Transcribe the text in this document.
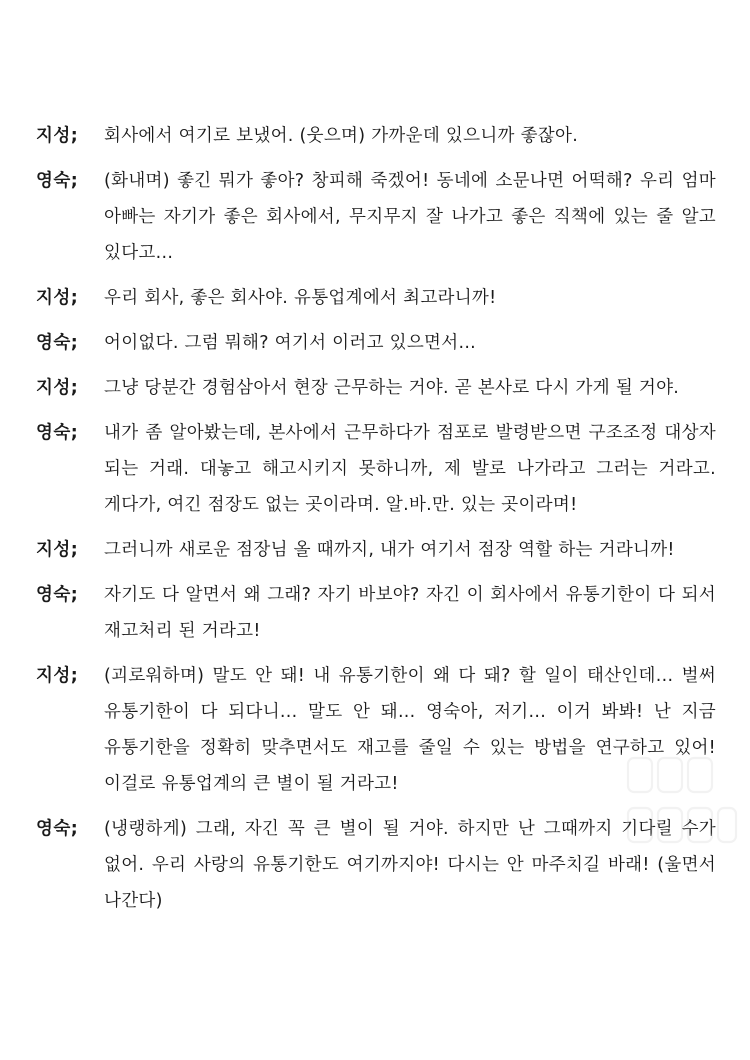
지성;	회사에서 여기로 보냈어. (웃으며) 가까운데 있으니까 좋잖아.
영숙;	(화내며) 좋긴 뭐가 좋아? 창피해 죽겠어! 동네에 소문나면 어떡해? 우리 엄마 아빠는 자기가 좋은 회사에서, 무지무지 잘 나가고 좋은 직책에 있는 줄 알고 있다고...
지성;	우리 회사, 좋은 회사야. 유통업계에서 최고라니까!
영숙;	어이없다. 그럼 뭐해? 여기서 이러고 있으면서...
지성;	그냥 당분간 경험삼아서 현장 근무하는 거야. 곧 본사로 다시 가게 될 거야.
영숙;	내가 좀 알아봤는데, 본사에서 근무하다가 점포로 발령받으면 구조조정 대상자 되는 거래. 대놓고 해고시키지 못하니까, 제 발로 나가라고 그러는 거라고. 게다가, 여긴 점장도 없는 곳이라며. 알.바.만. 있는 곳이라며!
지성;	그러니까 새로운 점장님 올 때까지, 내가 여기서 점장 역할 하는 거라니까!
영숙;	자기도 다 알면서 왜 그래? 자기 바보야? 자긴 이 회사에서 유통기한이 다 되서 재고처리 된 거라고!
지성;	(괴로워하며) 말도 안 돼! 내 유통기한이 왜 다 돼? 할 일이 태산인데... 벌써 유통기한이 다 되다니... 말도 안 돼... 영숙아, 저기... 이거 봐봐! 난 지금 유통기한을 정확히 맞추면서도 재고를 줄일 수 있는 방법을 연구하고 있어! 이걸로 유통업계의 큰 별이 될 거라고!
영숙;	(냉랭하게) 그래, 자긴 꼭 큰 별이 될 거야. 하지만 난 그때까지 기다릴 수가 없어. 우리 사랑의 유통기한도 여기까지야! 다시는 안 마주치길 바래! (울면서 나간다)
